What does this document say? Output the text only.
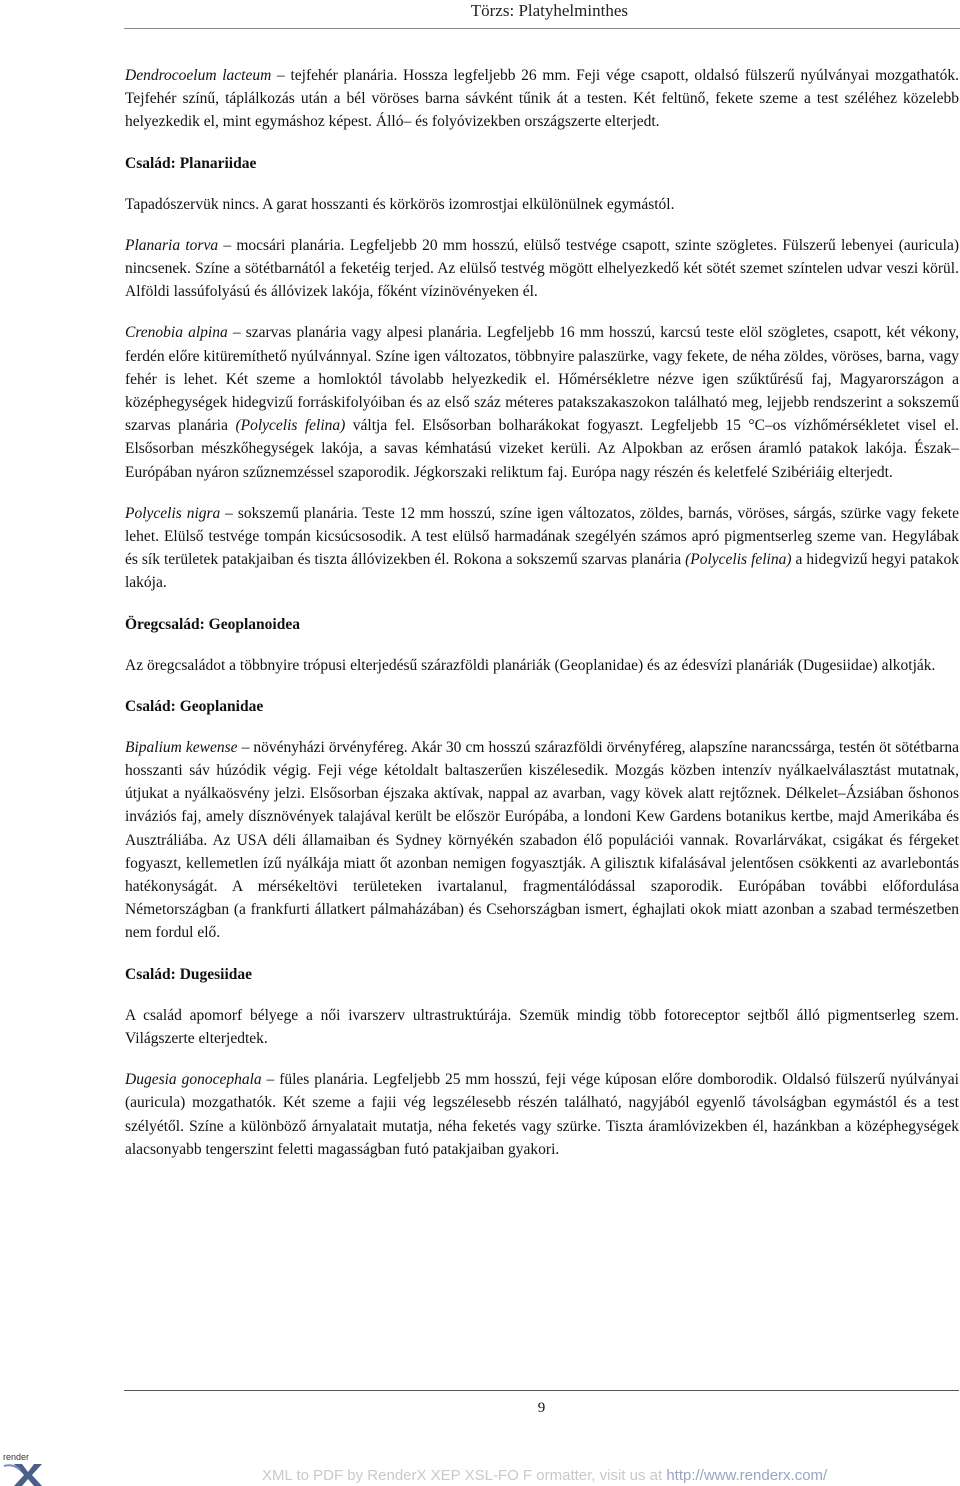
Törzs: Platyhelminthes

Dendrocoelum lacteum – tejfehér planária. Hossza legfeljebb 26 mm. Feji vége csapott, oldalsó fülszerű nyúlványai mozgathatók. Tejfehér színű, táplálkozás után a bél vöröses barna sávként tűnik át a testen. Két feltünő, fekete szeme a test széléhez közelebb helyezkedik el, mint egymáshoz képest. Álló– és folyóvizekben országszerte elterjedt.

Család: Planariidae

Tapadószervük nincs. A garat hosszanti és körkörös izomrostjai elkülönülnek egymástól.

Planaria torva – mocsári planária. Legfeljebb 20 mm hosszú, elülső testvége csapott, szinte szögletes. Fülszerű lebenyei (auricula) nincsenek. Színe a sötétbarnától a feketéig terjed. Az elülső testvég mögött elhelyezkedő két sötét szemet színtelen udvar veszi körül. Alföldi lassúfolyású és állóvizek lakója, főként vízinövényeken él.

Crenobia alpina – szarvas planária vagy alpesi planária. Legfeljebb 16 mm hosszú, karcsú teste elöl szögletes, csapott, két vékony, ferdén előre kitüremíthető nyúlvánnyal. Színe igen változatos, többnyire palaszürke, vagy fekete, de néha zöldes, vöröses, barna, vagy fehér is lehet. Két szeme a homloktól távolabb helyezkedik el. Hőmérsékletre nézve igen szűktűrésű faj, Magyarországon a középhegységek hidegvizű forráskifolyóiban és az első száz méteres patakszakaszokon található meg, lejjebb rendszerint a sokszemű szarvas planária (Polycelis felina) váltja fel. Elsősorban bolharákokat fogyaszt. Legfeljebb 15 °C–os vízhőmérsékletet visel el. Elsősorban mészkőhegységek lakója, a savas kémhatású vizeket kerüli. Az Alpokban az erősen áramló patakok lakója. Észak–Európában nyáron szűznemzéssel szaporodik. Jégkorszaki reliktum faj. Európa nagy részén és keletfelé Szibériáig elterjedt.

Polycelis nigra – sokszemű planária. Teste 12 mm hosszú, színe igen változatos, zöldes, barnás, vöröses, sárgás, szürke vagy fekete lehet. Elülső testvége tompán kicsúcsosodik. A test elülső harmadának szegélyén számos apró pigmentserleg szeme van. Hegylábak és sík területek patakjaiban és tiszta állóvizekben él. Rokona a sokszemű szarvas planária (Polycelis felina) a hidegvizű hegyi patakok lakója.

Öregcsalád: Geoplanoidea

Az öregcsaládot a többnyire trópusi elterjedésű szárazföldi planáriák (Geoplanidae) és az édesvízi planáriák (Dugesiidae) alkotják.

Család: Geoplanidae

Bipalium kewense – növényházi örvényféreg. Akár 30 cm hosszú szárazföldi örvényféreg, alapszíne narancssárga, testén öt sötétbarna hosszanti sáv húzódik végig. Feji vége kétoldalt baltaszerűen kiszélesedik. Mozgás közben intenzív nyálkaelválasztást mutatnak, útjukat a nyálkaösvény jelzi. Elsősorban éjszaka aktívak, nappal az avarban, vagy kövek alatt rejtőznek. Délkelet–Ázsiában őshonos inváziós faj, amely dísznövények talajával került be először Európába, a londoni Kew Gardens botanikus kertbe, majd Amerikába és Ausztráliába. Az USA déli államaiban és Sydney környékén szabadon élő populációi vannak. Rovarlárvákat, csigákat és férgeket fogyaszt, kellemetlen ízű nyálkája miatt őt azonban nemigen fogyasztják. A gilisztık kifalásával jelentősen csökkenti az avarlebontás hatékonyságát. A mérsékeltövi területeken ivartalanul, fragmentálódással szaporodik. Európában további előfordulása Németországban (a frankfurti állatkert pálmaházában) és Csehországban ismert, éghajlati okok miatt azonban a szabad természetben nem fordul elő.

Család: Dugesiidae

A család apomorf bélyege a női ivarszerv ultrastruktúrája. Szemük mindig több fotoreceptor sejtből álló pigmentserleg szem. Világszerte elterjedtek.

Dugesia gonocephala – füles planária. Legfeljebb 25 mm hosszú, feji vége kúposan előre domborodik. Oldalsó fülszerű nyúlványai (auricula) mozgathatók. Két szeme a fajii vég legszélesebb részén található, nagyjából egyenlő távolságban egymástól és a test szélyétől. Színe a különböző árnyalatait mutatja, néha feketés vagy szürke. Tiszta áramlóvizekben él, hazánkban a középhegységek alacsonyabb tengerszint feletti magasságban futó patakjaiban gyakori.

9
render
XML to PDF by RenderX XEP XSL-FO F ormatter, visit us at http://www.renderx.com/
